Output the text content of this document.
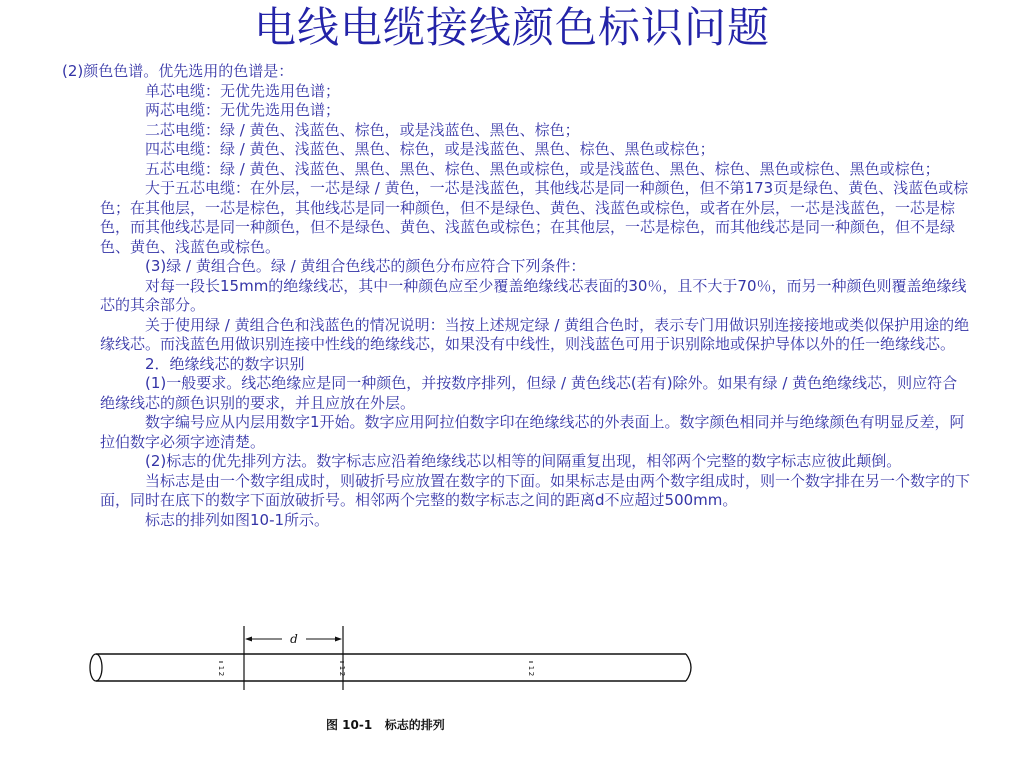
电线电缆接线颜色标识问题

(2)颜色色谱。优先选用的色谱是：

单芯电缆：无优先选用色谱；

两芯电缆：无优先选用色谱；

二芯电缆：绿 / 黄色、浅蓝色、棕色，或是浅蓝色、黑色、棕色；

四芯电缆：绿 / 黄色、浅蓝色、黑色、棕色，或是浅蓝色、黑色、棕色、黑色或棕色；

五芯电缆：绿 / 黄色、浅蓝色、黑色、黑色、棕色、黑色或棕色，或是浅蓝色、黑色、棕色、黑色或棕色、黑色或棕色；

大于五芯电缆：在外层，一芯是绿 / 黄色，一芯是浅蓝色，其他线芯是同一种颜色，但不第173页是绿色、黄色、浅蓝色或棕色；在其他层，一芯是棕色，其他线芯是同一种颜色，但不是绿色、黄色、浅蓝色或棕色，或者在外层，一芯是浅蓝色，一芯是棕色，而其他线芯是同一种颜色，但不是绿色、黄色、浅蓝色或棕色；在其他层，一芯是棕色，而其他线芯是同一种颜色，但不是绿色、黄色、浅蓝色或棕色。

(3)绿 / 黄组合色。绿 / 黄组合色线芯的颜色分布应符合下列条件：

对每一段长15mm的绝缘线芯，其中一种颜色应至少覆盖绝缘线芯表面的30％，且不大于70％，而另一种颜色则覆盖绝缘线芯的其余部分。

关于使用绿 / 黄组合色和浅蓝色的情况说明：当按上述规定绿 / 黄组合色时，表示专门用做识别连接接地或类似保护用途的绝缘线芯。而浅蓝色用做识别连接中性线的绝缘线芯，如果没有中线性，则浅蓝色可用于识别除地或保护导体以外的任一绝缘线芯。

2．绝缘线芯的数字识别

(1)一般要求。线芯绝缘应是同一种颜色，并按数序排列，但绿 / 黄色线芯(若有)除外。如果有绿 / 黄色绝缘线芯，则应符合绝缘线芯的颜色识别的要求，并且应放在外层。

数字编号应从内层用数字1开始。数字应用阿拉伯数字印在绝缘线芯的外表面上。数字颜色相同并与绝缘颜色有明显反差，阿拉伯数字必须字迹清楚。

(2)标志的优先排列方法。数字标志应沿着绝缘线芯以相等的间隔重复出现，相邻两个完整的数字标志应彼此颠倒。

当标志是由一个数字组成时，则破折号应放置在数字的下面。如果标志是由两个数字组成时，则一个数字排在另一个数字的下面，同时在底下的数字下面放破折号。相邻两个完整的数字标志之间的距离d不应超过500mm。

标志的排列如图10-1所示。

d
1
2
1
2
1
2
图 10-1   标志的排列
